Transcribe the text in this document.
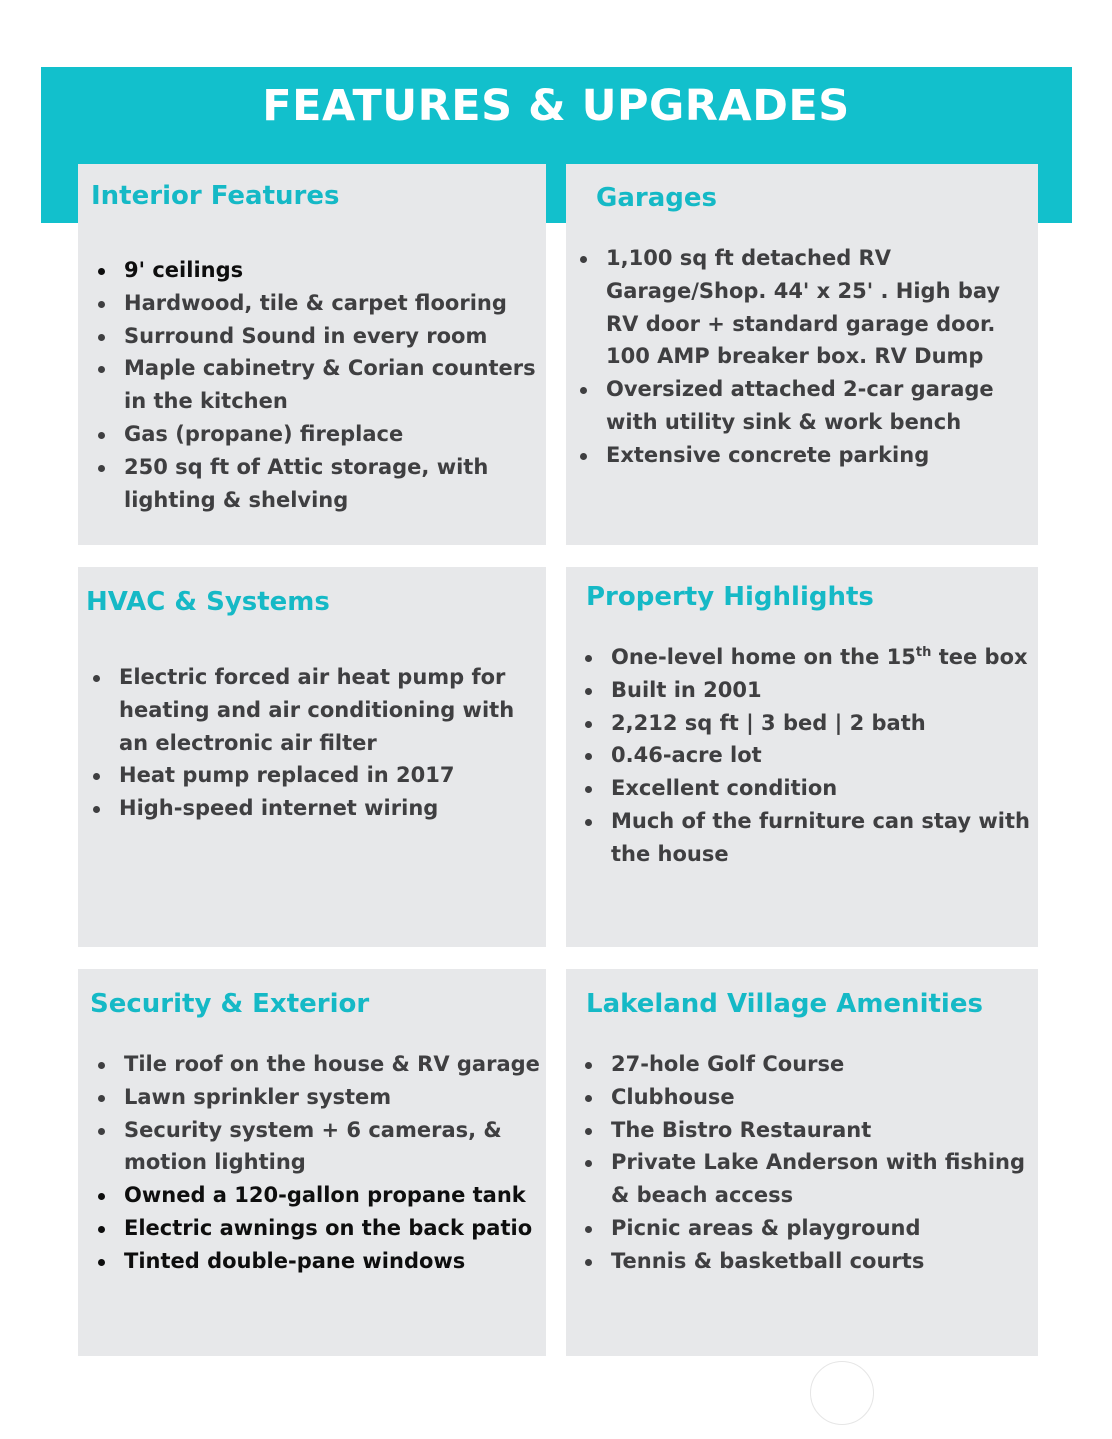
FEATURES & UPGRADES
Interior Features
9' ceilings
Hardwood, tile & carpet flooring
Surround Sound in every room
Maple cabinetry & Corian counters in the kitchen
Gas (propane) fireplace
250 sq ft of Attic storage, with lighting & shelving
Garages
1,100 sq ft detached RV Garage/Shop. 44' x 25' . High bay RV door + standard garage door. 100 AMP breaker box. RV Dump
Oversized attached 2-car garage with utility sink & work bench
Extensive concrete parking
HVAC & Systems
Electric forced air heat pump for heating and air conditioning with an electronic air filter
Heat pump replaced in 2017
High-speed internet wiring
Property Highlights
One-level home on the 15th tee box
Built in 2001
2,212 sq ft | 3 bed | 2 bath
0.46-acre lot
Excellent condition
Much of the furniture can stay with the house
Security & Exterior
Tile roof on the house & RV garage
Lawn sprinkler system
Security system + 6 cameras, & motion lighting
Owned a 120-gallon propane tank
Electric awnings on the back patio
Tinted double-pane windows
Lakeland Village Amenities
27-hole Golf Course
Clubhouse
The Bistro Restaurant
Private Lake Anderson with fishing & beach access
Picnic areas & playground
Tennis & basketball courts
